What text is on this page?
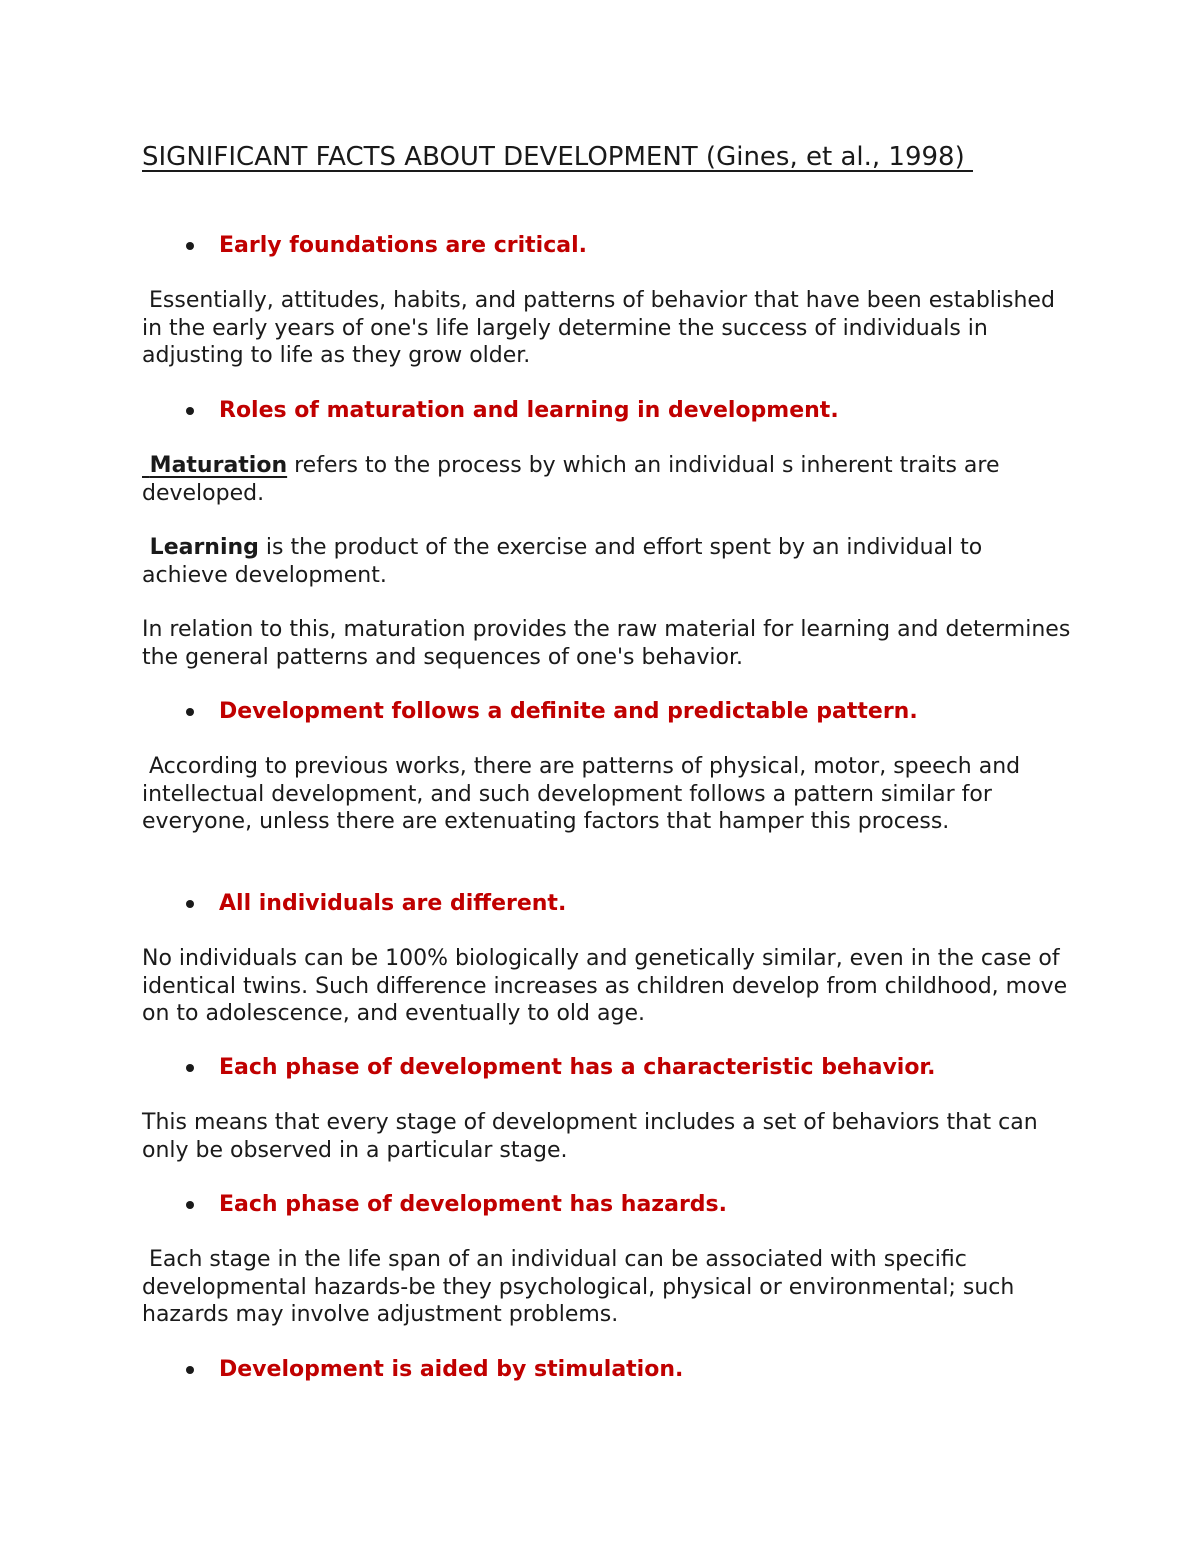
SIGNIFICANT FACTS ABOUT DEVELOPMENT (Gines, et al., 1998)
Early foundations are critical.

Essentially, attitudes, habits, and patterns of behavior that have been established in the early years of one's life largely determine the success of individuals in adjusting to life as they grow older.

Roles of maturation and learning in development.

Maturation refers to the process by which an individual s inherent traits are developed.

Learning is the product of the exercise and effort spent by an individual to achieve development.

In relation to this, maturation provides the raw material for learning and determines the general patterns and sequences of one's behavior.

Development follows a definite and predictable pattern.

According to previous works, there are patterns of physical, motor, speech and intellectual development, and such development follows a pattern similar for everyone, unless there are extenuating factors that hamper this process.

All individuals are different.

No individuals can be 100% biologically and genetically similar, even in the case of identical twins. Such difference increases as children develop from childhood, move on to adolescence, and eventually to old age.

Each phase of development has a characteristic behavior.

This means that every stage of development includes a set of behaviors that can only be observed in a particular stage.

Each phase of development has hazards.

Each stage in the life span of an individual can be associated with specific developmental hazards-be they psychological, physical or environmental; such hazards may involve adjustment problems.

Development is aided by stimulation.
